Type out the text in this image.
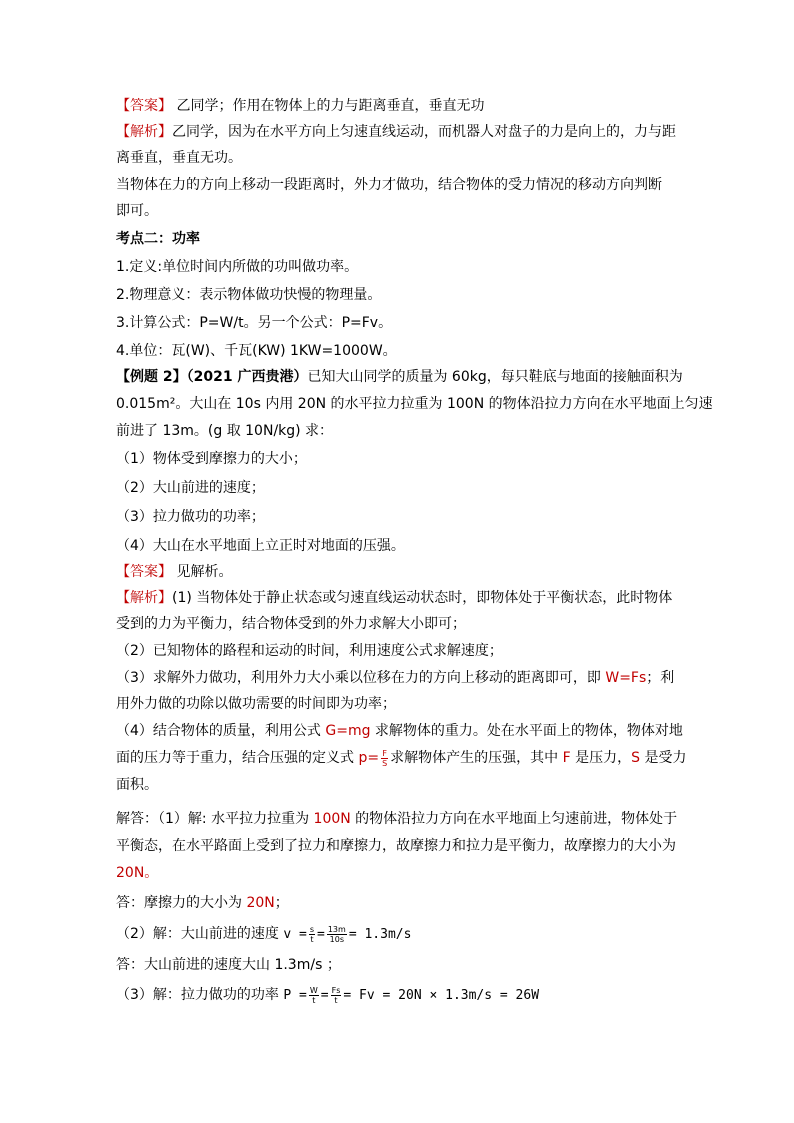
【答案】 乙同学；作用在物体上的力与距离垂直，垂直无功
【解析】乙同学，因为在水平方向上匀速直线运动，而机器人对盘子的力是向上的，力与距
离垂直，垂直无功。
当物体在力的方向上移动一段距离时，外力才做功，结合物体的受力情况的移动方向判断
即可。
考点二：功率
1.定义:单位时间内所做的功叫做功率。
2.物理意义：表示物体做功快慢的物理量。
3.计算公式：P=W/t。另一个公式：P=Fv。
4.单位：瓦(W)、千瓦(KW) 1KW=1000W。
【例题 2】（2021 广西贵港）已知大山同学的质量为 60kg，每只鞋底与地面的接触面积为
0.015m²。大山在 10s 内用 20N 的水平拉力拉重为 100N 的物体沿拉力方向在水平地面上匀速
前进了 13m。(g 取 10N/kg) 求：
（1）物体受到摩擦力的大小；
（2）大山前进的速度；
（3）拉力做功的功率；
（4）大山在水平地面上立正时对地面的压强。
【答案】 见解析。
【解析】(1) 当物体处于静止状态或匀速直线运动状态时，即物体处于平衡状态，此时物体
受到的力为平衡力，结合物体受到的外力求解大小即可；
（2）已知物体的路程和运动的时间，利用速度公式求解速度；
（3）求解外力做功，利用外力大小乘以位移在力的方向上移动的距离即可，即 W=Fs；利
用外力做的功除以做功需要的时间即为功率；
（4）结合物体的质量，利用公式 G=mg 求解物体的重力。处在水平面上的物体，物体对地
面的压力等于重力，结合压强的定义式 $p= \frac{F}{S}$ 求解物体产生的压强，其中 F 是压力，S 是受力
面积。
解答：（1）解: 水平拉力拉重为 100N 的物体沿拉力方向在水平地面上匀速前进，物体处于
平衡态，在水平路面上受到了拉力和摩擦力，故摩擦力和拉力是平衡力，故摩擦力的大小为
20N。
答：摩擦力的大小为 20N；
（2）解：大山前进的速度 $v = \frac{s}{t} = \frac{13m}{10s} = 1.3m/s$
答：大山前进的速度大山 1.3m/s ；
（3）解：拉力做功的功率 $P = \frac{W}{t} = \frac{Fs}{t} = Fv = 20N \times 1.3m/s = 26W$
